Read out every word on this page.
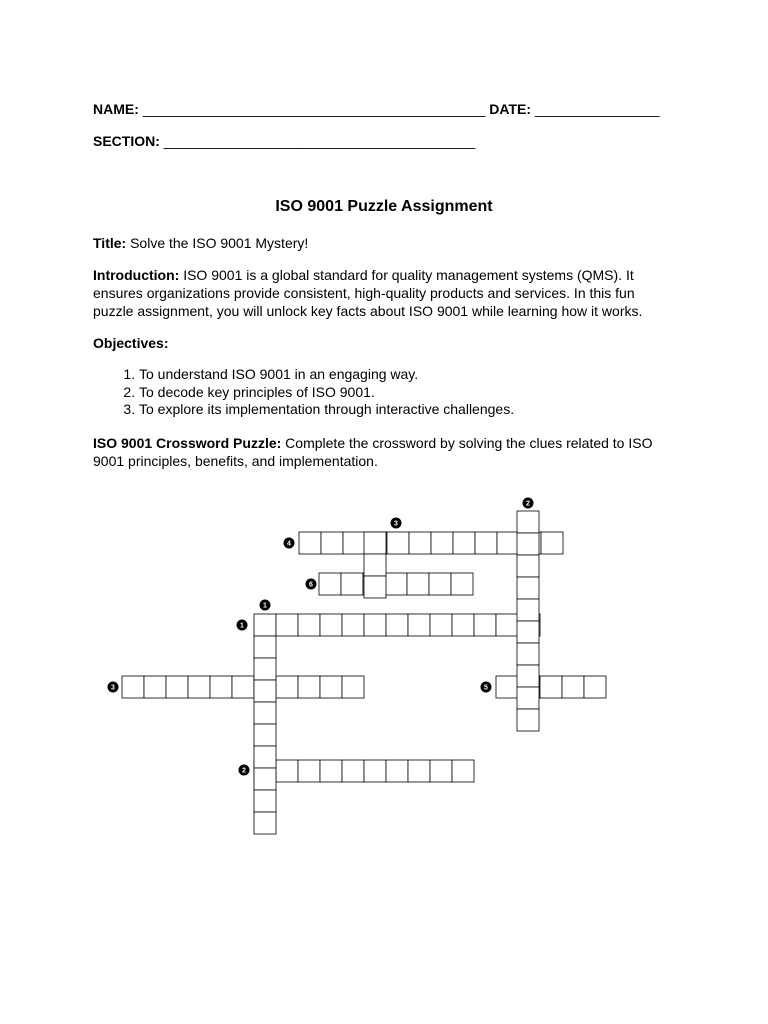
NAME: ____________________________________________ DATE: ________________
SECTION: ________________________________________
ISO 9001 Puzzle Assignment
Title: Solve the ISO 9001 Mystery!
Introduction: ISO 9001 is a global standard for quality management systems (QMS). It ensures organizations provide consistent, high-quality products and services. In this fun puzzle assignment, you will unlock key facts about ISO 9001 while learning how it works.
Objectives:
1. To understand ISO 9001 in an engaging way.
2. To decode key principles of ISO 9001.
3. To explore its implementation through interactive challenges.
ISO 9001 Crossword Puzzle: Complete the crossword by solving the clues related to ISO 9001 principles, benefits, and implementation.
2
3
4
6
1
1
3	5
2
